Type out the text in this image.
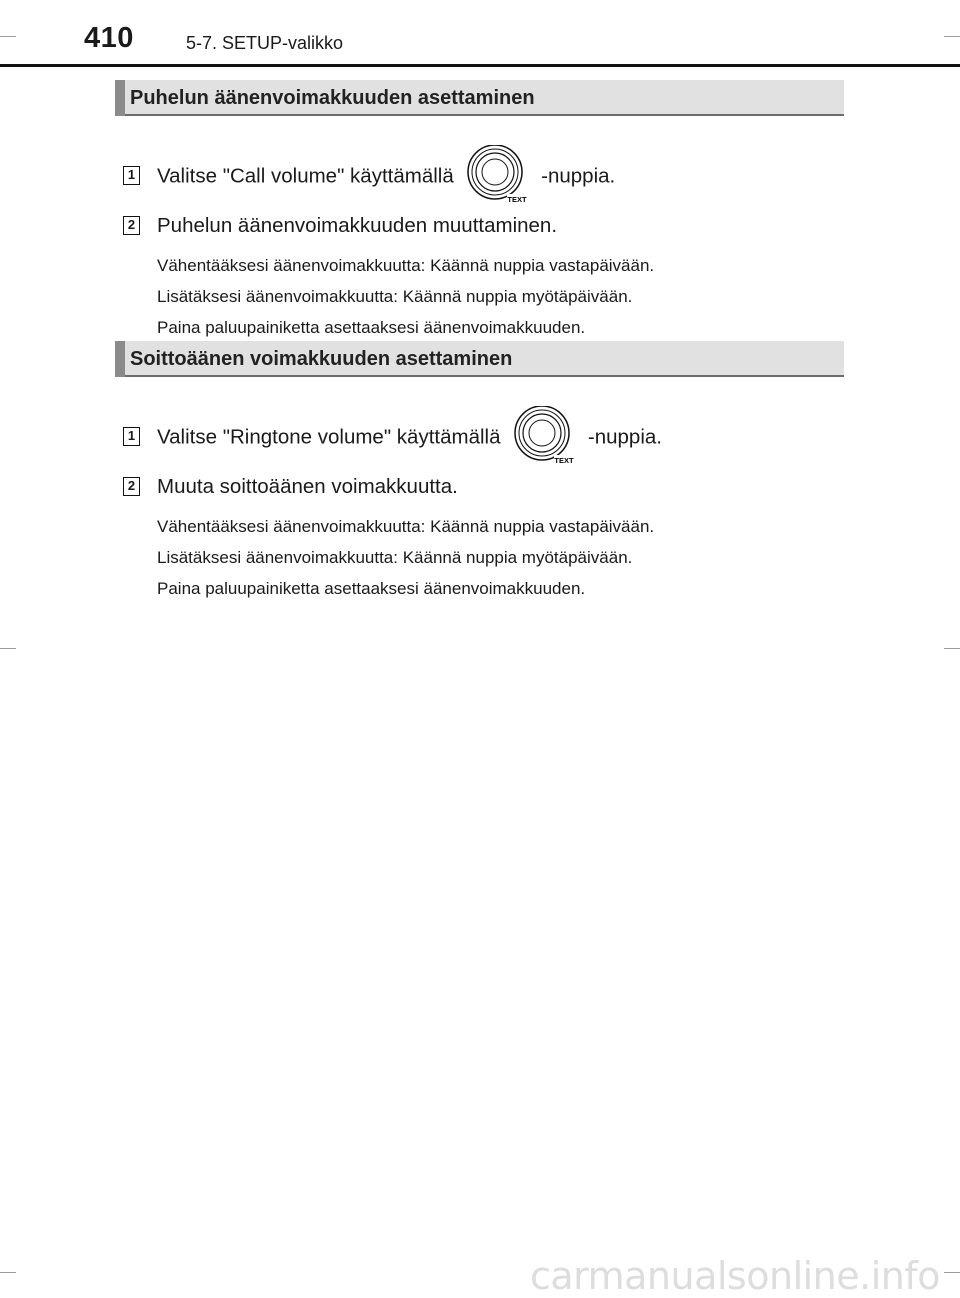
410	5-7. SETUP-valikko
Puhelun äänenvoimakkuuden asettaminen
1 Valitse "Call volume" käyttämällä
TEXT
-nuppia.
2 Puhelun äänenvoimakkuuden muuttaminen.
Vähentääksesi äänenvoimakkuutta: Käännä nuppia vastapäivään.
Lisätäksesi äänenvoimakkuutta: Käännä nuppia myötäpäivään.
Paina paluupainiketta asettaaksesi äänenvoimakkuuden.
Soittoäänen voimakkuuden asettaminen
1 Valitse "Ringtone volume" käyttämällä
TEXT
-nuppia.
2 Muuta soittoäänen voimakkuutta.
Vähentääksesi äänenvoimakkuutta: Käännä nuppia vastapäivään.
Lisätäksesi äänenvoimakkuutta: Käännä nuppia myötäpäivään.
Paina paluupainiketta asettaaksesi äänenvoimakkuuden.
carmanualsonline.info
